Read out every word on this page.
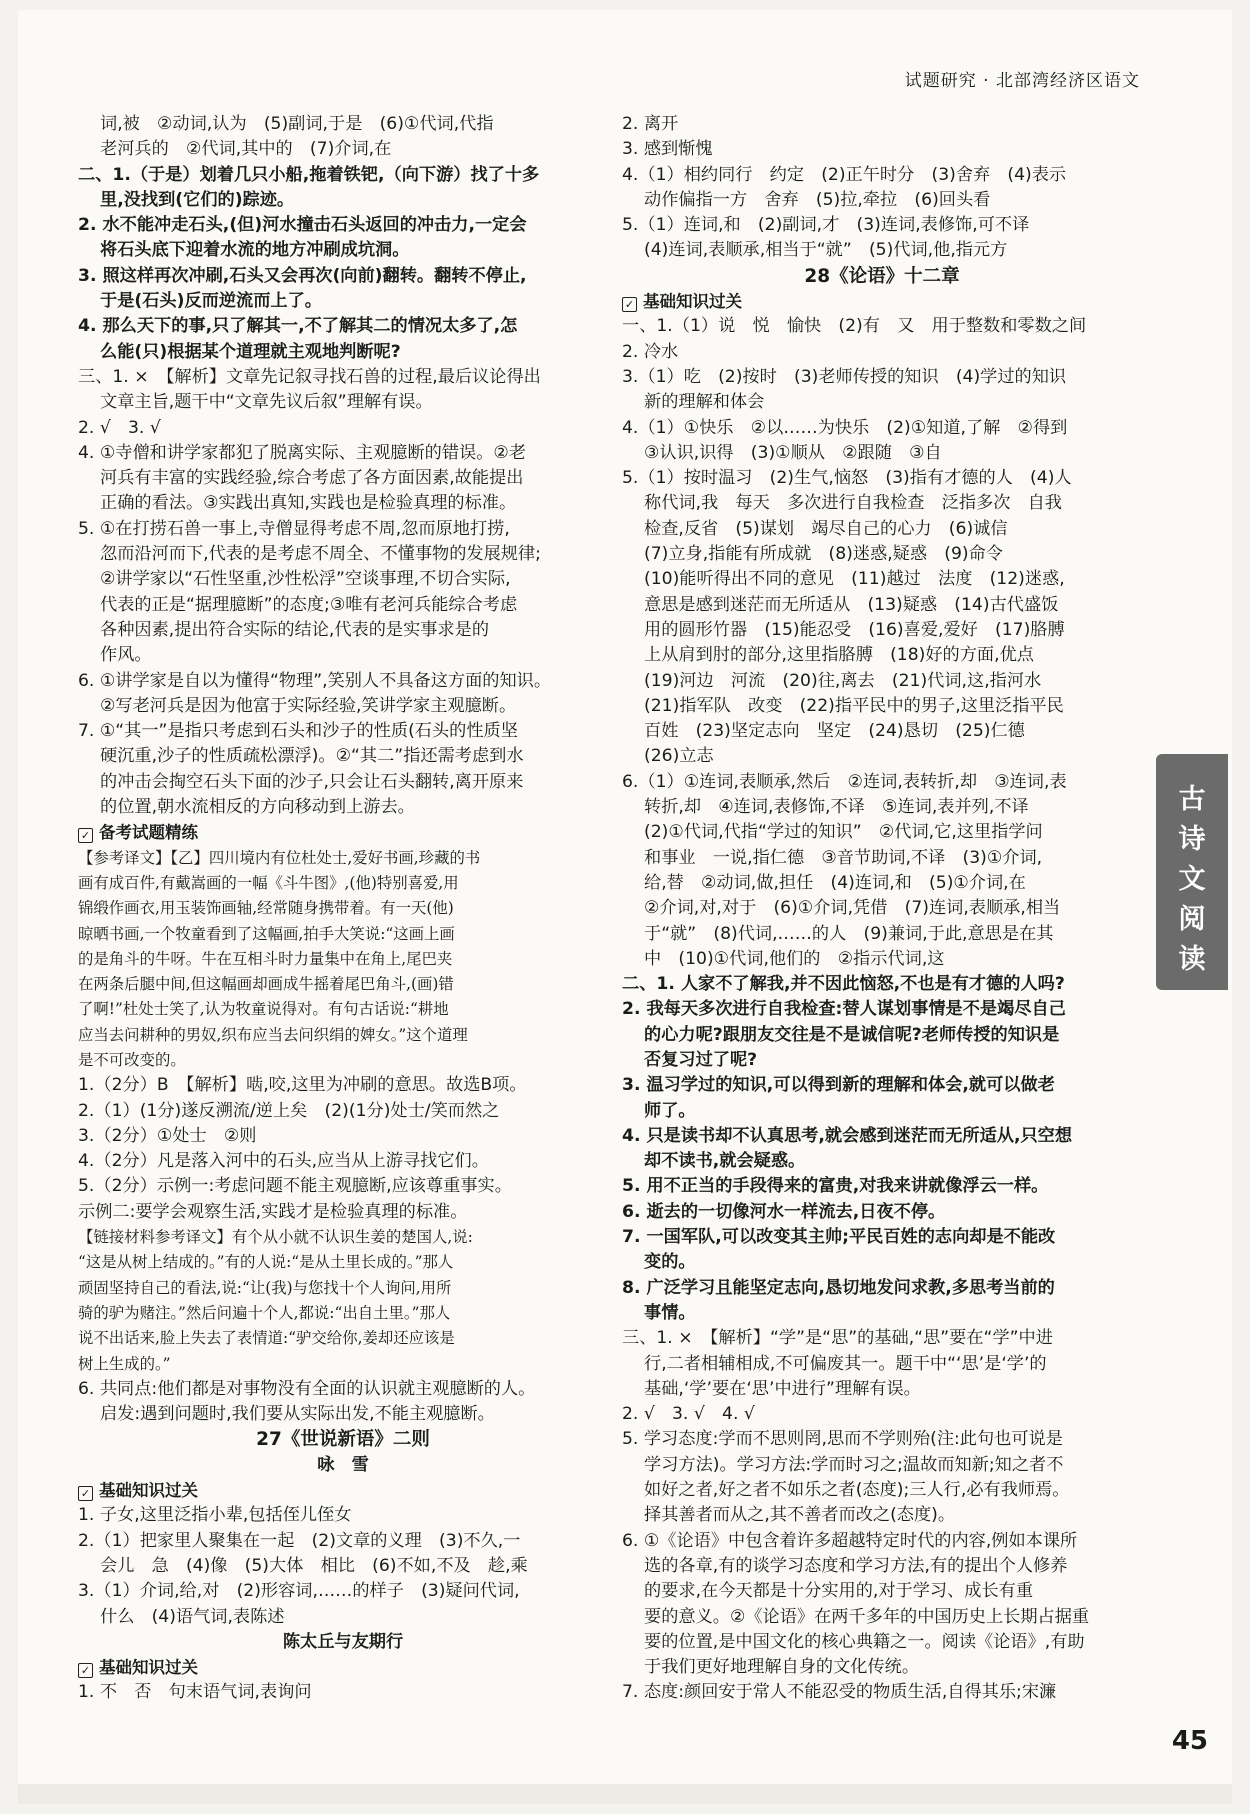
试题研究 · 北部湾经济区语文
词,被　②动词,认为　(5)副词,于是　(6)①代词,代指
老河兵的　②代词,其中的　(7)介词,在
二、1.（于是）划着几只小船,拖着铁钯,（向下游）找了十多
里,没找到(它们的)踪迹。
2. 水不能冲走石头,(但)河水撞击石头返回的冲击力,一定会
将石头底下迎着水流的地方冲刷成坑洞。
3. 照这样再次冲刷,石头又会再次(向前)翻转。翻转不停止,
于是(石头)反而逆流而上了。
4. 那么天下的事,只了解其一,不了解其二的情况太多了,怎
么能(只)根据某个道理就主观地判断呢?
三、1. ×　【解析】文章先记叙寻找石兽的过程,最后议论得出
文章主旨,题干中“文章先议后叙”理解有误。
2. √　3. √
4. ①寺僧和讲学家都犯了脱离实际、主观臆断的错误。②老
河兵有丰富的实践经验,综合考虑了各方面因素,故能提出
正确的看法。③实践出真知,实践也是检验真理的标准。
5. ①在打捞石兽一事上,寺僧显得考虑不周,忽而原地打捞,
忽而沿河而下,代表的是考虑不周全、不懂事物的发展规律;
②讲学家以“石性坚重,沙性松浮”空谈事理,不切合实际,
代表的正是“据理臆断”的态度;③唯有老河兵能综合考虑
各种因素,提出符合实际的结论,代表的是实事求是的
作风。
6. ①讲学家是自以为懂得“物理”,笑别人不具备这方面的知识。
②写老河兵是因为他富于实际经验,笑讲学家主观臆断。
7. ①“其一”是指只考虑到石头和沙子的性质(石头的性质坚
硬沉重,沙子的性质疏松漂浮)。②“其二”指还需考虑到水
的冲击会掏空石头下面的沙子,只会让石头翻转,离开原来
的位置,朝水流相反的方向移动到上游去。
✓ 备考试题精练
【参考译文】【乙】四川境内有位杜处士,爱好书画,珍藏的书
画有成百件,有戴嵩画的一幅《斗牛图》,(他)特别喜爱,用
锦缎作画衣,用玉装饰画轴,经常随身携带着。有一天(他)
晾晒书画,一个牧童看到了这幅画,拍手大笑说:“这画上画
的是角斗的牛呀。牛在互相斗时力量集中在角上,尾巴夹
在两条后腿中间,但这幅画却画成牛摇着尾巴角斗,(画)错
了啊!”杜处士笑了,认为牧童说得对。有句古话说:“耕地
应当去问耕种的男奴,织布应当去问织绢的婢女。”这个道理
是不可改变的。
1.（2分）B　【解析】啮,咬,这里为冲刷的意思。故选B项。
2.（1）(1分)遂反溯流/逆上矣　(2)(1分)处士/笑而然之
3.（2分）①处士　②则
4.（2分）凡是落入河中的石头,应当从上游寻找它们。
5.（2分）示例一:考虑问题不能主观臆断,应该尊重事实。
示例二:要学会观察生活,实践才是检验真理的标准。
【链接材料参考译文】有个从小就不认识生姜的楚国人,说:
“这是从树上结成的。”有的人说:“是从土里长成的。”那人
顽固坚持自己的看法,说:“让(我)与您找十个人询问,用所
骑的驴为赌注。”然后问遍十个人,都说:“出自土里。”那人
说不出话来,脸上失去了表情道:“驴交给你,姜却还应该是
树上生成的。”
6. 共同点:他们都是对事物没有全面的认识就主观臆断的人。
启发:遇到问题时,我们要从实际出发,不能主观臆断。
27《世说新语》二则
咏　雪
✓ 基础知识过关
1. 子女,这里泛指小辈,包括侄儿侄女
2.（1）把家里人聚集在一起　(2)文章的义理　(3)不久,一
会儿　急　(4)像　(5)大体　相比　(6)不如,不及　趁,乘
3.（1）介词,给,对　(2)形容词,……的样子　(3)疑问代词,
什么　(4)语气词,表陈述
陈太丘与友期行
✓ 基础知识过关
1. 不　否　句末语气词,表询问
2. 离开
3. 感到惭愧
4.（1）相约同行　约定　(2)正午时分　(3)舍弃　(4)表示
动作偏指一方　舍弃　(5)拉,牵拉　(6)回头看
5.（1）连词,和　(2)副词,才　(3)连词,表修饰,可不译
(4)连词,表顺承,相当于“就”　(5)代词,他,指元方
28《论语》十二章
✓ 基础知识过关
一、1.（1）说　悦　愉快　(2)有　又　用于整数和零数之间
2. 冷水
3.（1）吃　(2)按时　(3)老师传授的知识　(4)学过的知识
新的理解和体会
4.（1）①快乐　②以……为快乐　(2)①知道,了解　②得到
③认识,识得　(3)①顺从　②跟随　③自
5.（1）按时温习　(2)生气,恼怒　(3)指有才德的人　(4)人
称代词,我　每天　多次进行自我检查　泛指多次　自我
检查,反省　(5)谋划　竭尽自己的心力　(6)诚信
(7)立身,指能有所成就　(8)迷惑,疑惑　(9)命令
(10)能听得出不同的意见　(11)越过　法度　(12)迷惑,
意思是感到迷茫而无所适从　(13)疑惑　(14)古代盛饭
用的圆形竹器　(15)能忍受　(16)喜爱,爱好　(17)胳膊
上从肩到肘的部分,这里指胳膊　(18)好的方面,优点
(19)河边　河流　(20)往,离去　(21)代词,这,指河水
(21)指军队　改变　(22)指平民中的男子,这里泛指平民
百姓　(23)坚定志向　坚定　(24)恳切　(25)仁德
(26)立志
6.（1）①连词,表顺承,然后　②连词,表转折,却　③连词,表
转折,却　④连词,表修饰,不译　⑤连词,表并列,不译
(2)①代词,代指“学过的知识”　②代词,它,这里指学问
和事业　一说,指仁德　③音节助词,不译　(3)①介词,
给,替　②动词,做,担任　(4)连词,和　(5)①介词,在
②介词,对,对于　(6)①介词,凭借　(7)连词,表顺承,相当
于“就”　(8)代词,……的人　(9)兼词,于此,意思是在其
中　(10)①代词,他们的　②指示代词,这
二、1. 人家不了解我,并不因此恼怒,不也是有才德的人吗?
2. 我每天多次进行自我检查:替人谋划事情是不是竭尽自己
的心力呢?跟朋友交往是不是诚信呢?老师传授的知识是
否复习过了呢?
3. 温习学过的知识,可以得到新的理解和体会,就可以做老
师了。
4. 只是读书却不认真思考,就会感到迷茫而无所适从,只空想
却不读书,就会疑惑。
5. 用不正当的手段得来的富贵,对我来讲就像浮云一样。
6. 逝去的一切像河水一样流去,日夜不停。
7. 一国军队,可以改变其主帅;平民百姓的志向却是不能改
变的。
8. 广泛学习且能坚定志向,恳切地发问求教,多思考当前的
事情。
三、1. ×　【解析】“学”是“思”的基础,“思”要在“学”中进
行,二者相辅相成,不可偏废其一。题干中“‘思’是‘学’的
基础,‘学’要在‘思’中进行”理解有误。
2. √　3. √　4. √
5. 学习态度:学而不思则罔,思而不学则殆(注:此句也可说是
学习方法)。学习方法:学而时习之;温故而知新;知之者不
如好之者,好之者不如乐之者(态度);三人行,必有我师焉。
择其善者而从之,其不善者而改之(态度)。
6. ①《论语》中包含着许多超越特定时代的内容,例如本课所
选的各章,有的谈学习态度和学习方法,有的提出个人修养
的要求,在今天都是十分实用的,对于学习、成长有重
要的意义。②《论语》在两千多年的中国历史上长期占据重
要的位置,是中国文化的核心典籍之一。阅读《论语》,有助
于我们更好地理解自身的文化传统。
7. 态度:颜回安于常人不能忍受的物质生活,自得其乐;宋濂
古
诗
文
阅
读
45
